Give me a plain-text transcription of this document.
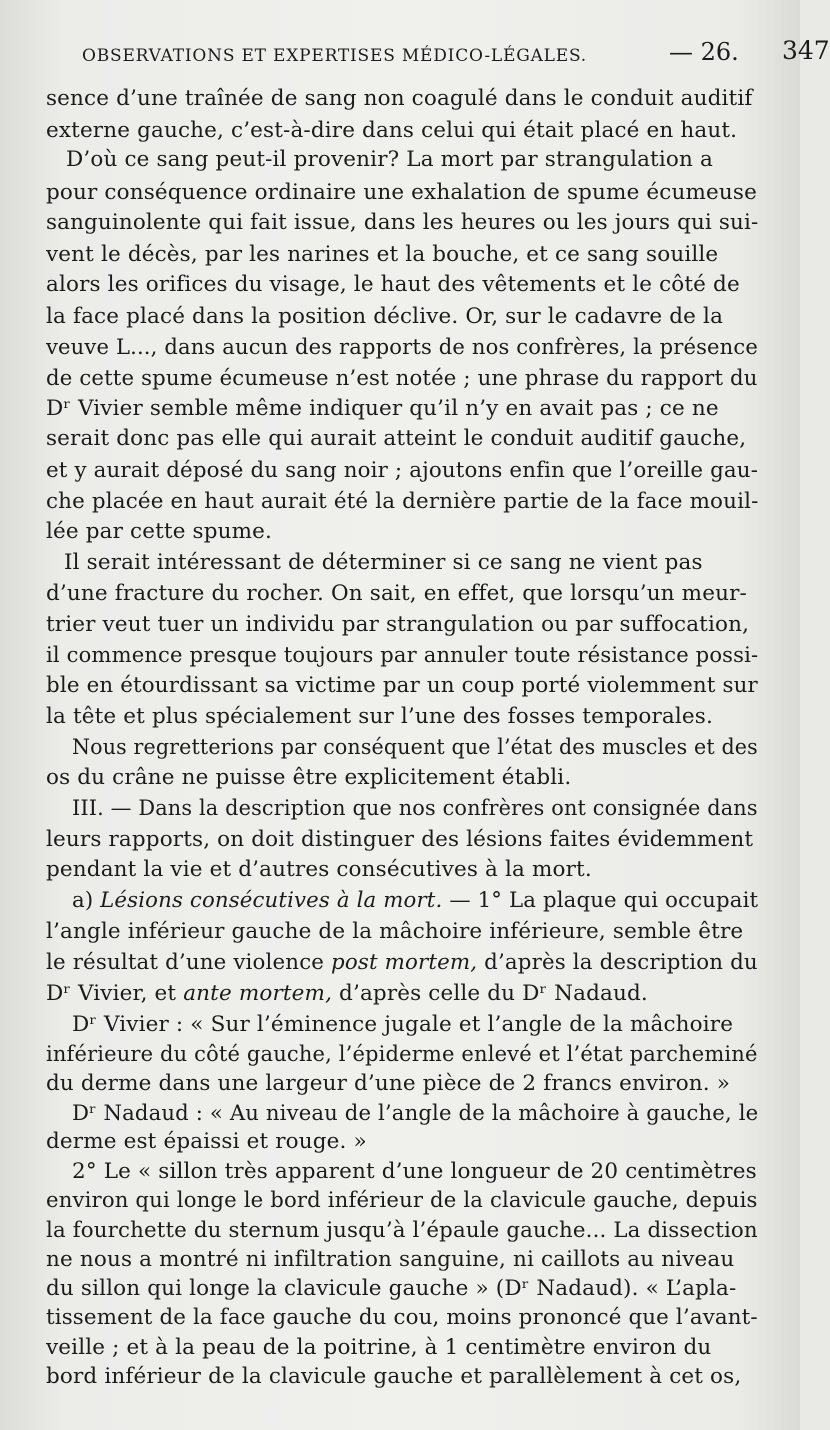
OBSERVATIONS ET EXPERTISES MÉDICO-LÉGALES.	— 26. 347
sence d’une traînée de sang non coagulé dans le conduit auditif
externe gauche, c’est-à-dire dans celui qui était placé en haut.
D’où ce sang peut-il provenir? La mort par strangulation a
pour conséquence ordinaire une exhalation de spume écumeuse
sanguinolente qui fait issue, dans les heures ou les jours qui sui-
vent le décès, par les narines et la bouche, et ce sang souille
alors les orifices du visage, le haut des vêtements et le côté de
la face placé dans la position déclive. Or, sur le cadavre de la
veuve L..., dans aucun des rapports de nos confrères, la présence
de cette spume écumeuse n’est notée ; une phrase du rapport du
Dʳ Vivier semble même indiquer qu’il n’y en avait pas ; ce ne
serait donc pas elle qui aurait atteint le conduit auditif gauche,
et y aurait déposé du sang noir ; ajoutons enfin que l’oreille gau-
che placée en haut aurait été la dernière partie de la face mouil-
lée par cette spume.
Il serait intéressant de déterminer si ce sang ne vient pas
d’une fracture du rocher. On sait, en effet, que lorsqu’un meur-
trier veut tuer un individu par strangulation ou par suffocation,
il commence presque toujours par annuler toute résistance possi-
ble en étourdissant sa victime par un coup porté violemment sur
la tête et plus spécialement sur l’une des fosses temporales.
Nous regretterions par conséquent que l’état des muscles et des
os du crâne ne puisse être explicitement établi.
III. — Dans la description que nos confrères ont consignée dans
leurs rapports, on doit distinguer des lésions faites évidemment
pendant la vie et d’autres consécutives à la mort.
a) Lésions consécutives à la mort. — 1° La plaque qui occupait
l’angle inférieur gauche de la mâchoire inférieure, semble être
le résultat d’une violence post mortem, d’après la description du
Dʳ Vivier, et ante mortem, d’après celle du Dʳ Nadaud.
Dʳ Vivier : « Sur l’éminence jugale et l’angle de la mâchoire
inférieure du côté gauche, l’épiderme enlevé et l’état parcheminé
du derme dans une largeur d’une pièce de 2 francs environ. »
Dʳ Nadaud : « Au niveau de l’angle de la mâchoire à gauche, le
derme est épaissi et rouge. »
2° Le « sillon très apparent d’une longueur de 20 centimètres
environ qui longe le bord inférieur de la clavicule gauche, depuis
la fourchette du sternum jusqu’à l’épaule gauche... La dissection
ne nous a montré ni infiltration sanguine, ni caillots au niveau
du sillon qui longe la clavicule gauche » (Dʳ Nadaud). « L’apla-
tissement de la face gauche du cou, moins prononcé que l’avant-
veille ; et à la peau de la poitrine, à 1 centimètre environ du
bord inférieur de la clavicule gauche et parallèlement à cet os,
